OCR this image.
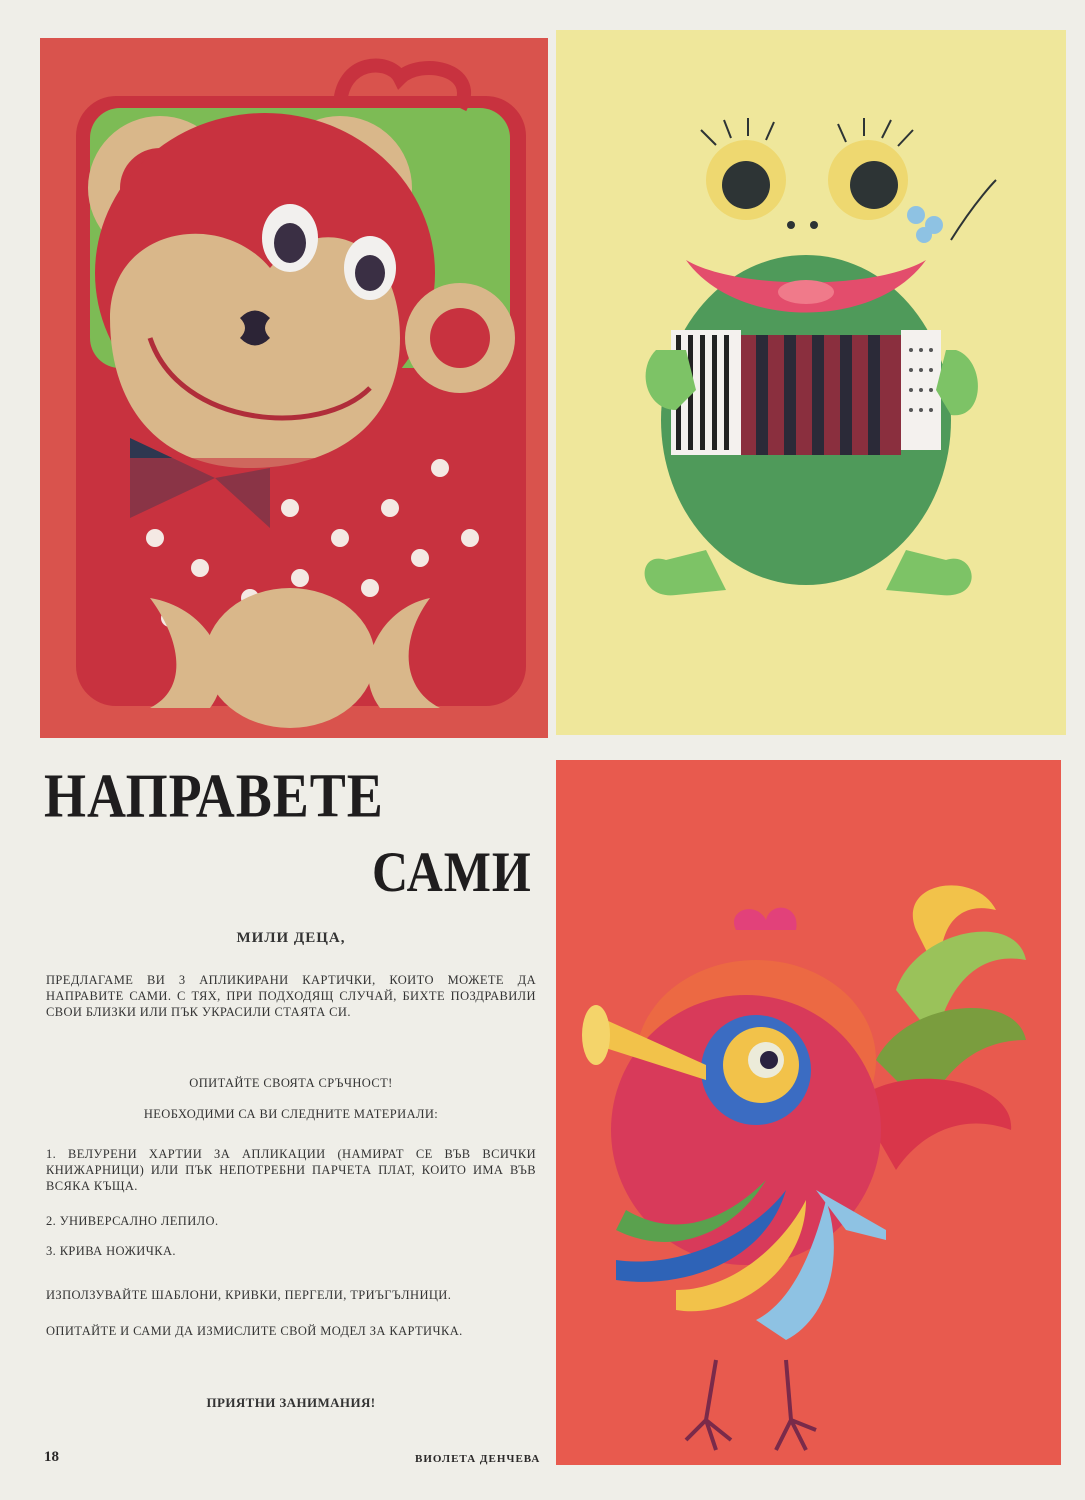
НАПРАВЕТЕ
САМИ
МИЛИ ДЕЦА,
ПРЕДЛАГАМЕ ВИ 3 АПЛИКИРАНИ КАРТИЧКИ, КОИТО МОЖЕТЕ ДА НАПРАВИТЕ САМИ. С ТЯХ, ПРИ ПОДХОДЯЩ СЛУЧАЙ, БИХТЕ ПОЗДРАВИЛИ СВОИ БЛИЗКИ ИЛИ ПЪК УКРАСИЛИ СТАЯТА СИ.
ОПИТАЙТЕ СВОЯТА СРЪЧНОСТ!
НЕОБХОДИМИ СА ВИ СЛЕДНИТЕ МАТЕРИАЛИ:
1. ВЕЛУРЕНИ ХАРТИИ ЗА АПЛИКАЦИИ (НАМИРАТ СЕ ВЪВ ВСИЧКИ КНИЖАРНИЦИ) ИЛИ ПЪК НЕПОТРЕБНИ ПАРЧЕТА ПЛАТ, КОИТО ИМА ВЪВ ВСЯКА КЪЩА.
2. УНИВЕРСАЛНО ЛЕПИЛО.
3. КРИВА НОЖИЧКА.
ИЗПОЛЗУВАЙТЕ ШАБЛОНИ, КРИВКИ, ПЕРГЕЛИ, ТРИЪГЪЛНИЦИ.
ОПИТАЙТЕ И САМИ ДА ИЗМИСЛИТЕ СВОЙ МОДЕЛ ЗА КАРТИЧКА.
ПРИЯТНИ ЗАНИМАНИЯ!
18	ВИОЛЕТА ДЕНЧЕВА
